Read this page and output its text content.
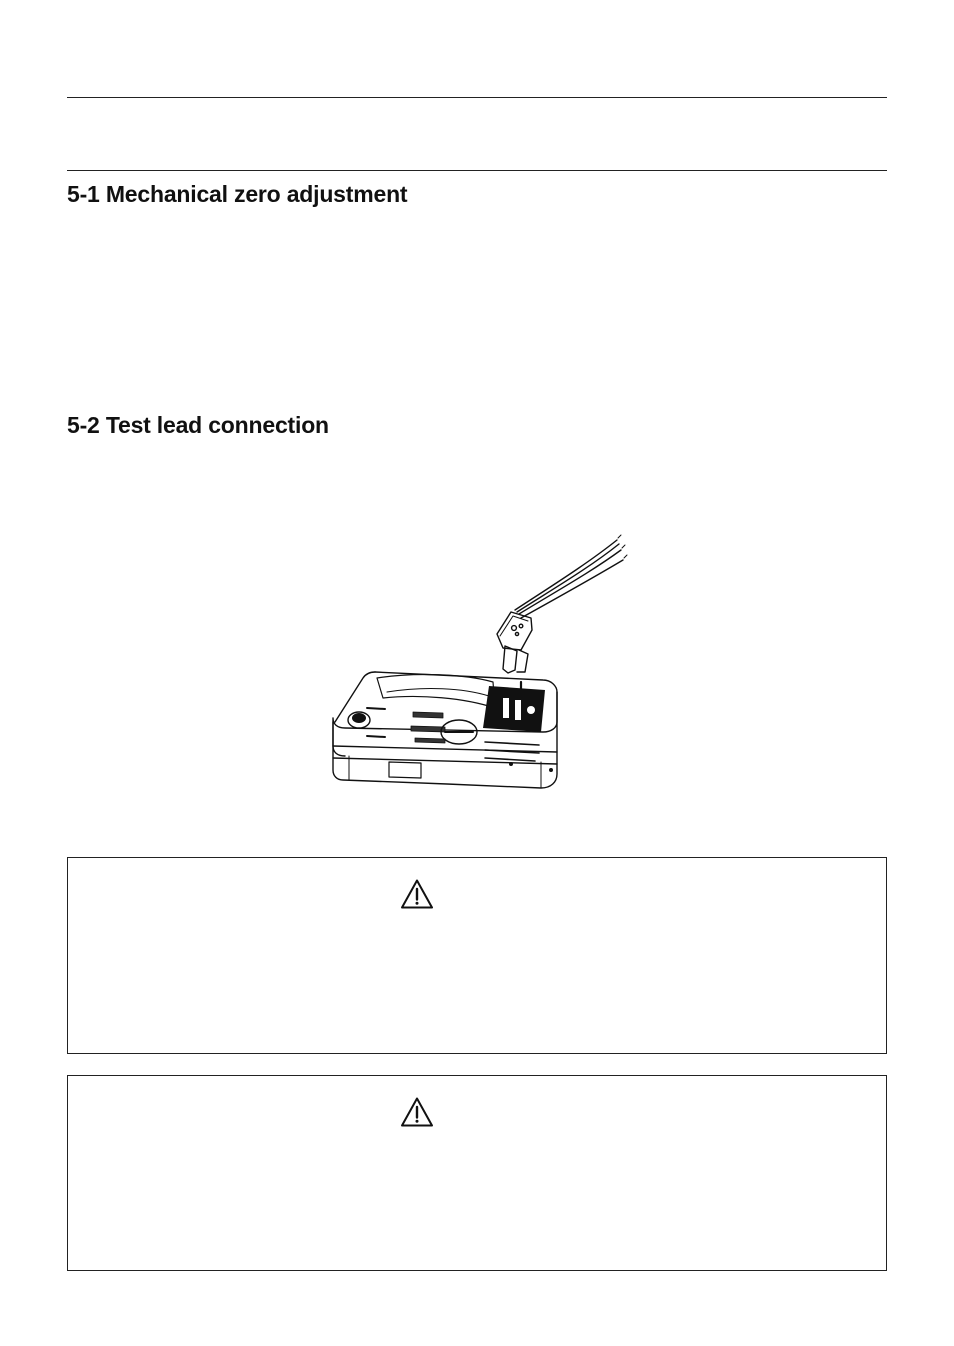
5-1 Mechanical zero adjustment
5-2 Test lead connection
